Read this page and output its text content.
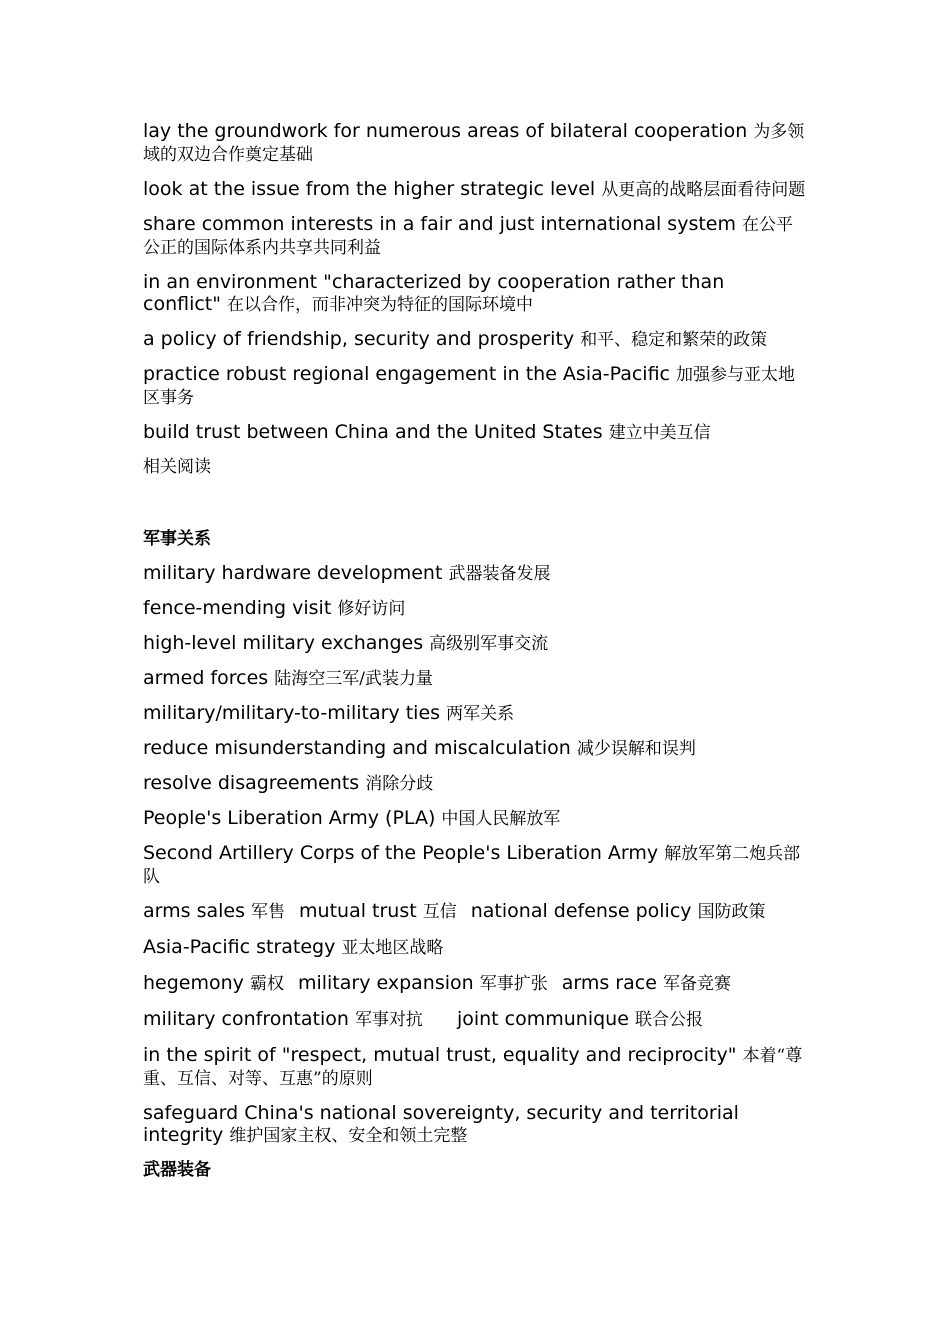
lay the groundwork for numerous areas of bilateral cooperation 为多领域的双边合作奠定基础
look at the issue from the higher strategic level 从更高的战略层面看待问题
share common interests in a fair and just international system 在公平公正的国际体系内共享共同利益
in an environment "characterized by cooperation rather than conflict" 在以合作，而非冲突为特征的国际环境中
a policy of friendship, security and prosperity 和平、稳定和繁荣的政策
practice robust regional engagement in the Asia-Pacific 加强参与亚太地区事务
build trust between China and the United States 建立中美互信
相关阅读
军事关系
military hardware development 武器装备发展
fence-mending visit 修好访问
high-level military exchanges 高级别军事交流
armed forces 陆海空三军/武装力量
military/military-to-military ties 两军关系
reduce misunderstanding and miscalculation 减少误解和误判
resolve disagreements 消除分歧
People's Liberation Army (PLA) 中国人民解放军
Second Artillery Corps of the People's Liberation Army 解放军第二炮兵部队
arms sales 军售 mutual trust 互信 national defense policy 国防政策
Asia-Pacific strategy 亚太地区战略
hegemony 霸权 military expansion 军事扩张 arms race 军备竞赛
military confrontation 军事对抗 joint communique 联合公报
in the spirit of "respect, mutual trust, equality and reciprocity" 本着“尊重、互信、对等、互惠”的原则
safeguard China's national sovereignty, security and territorial integrity 维护国家主权、安全和领土完整
武器装备
